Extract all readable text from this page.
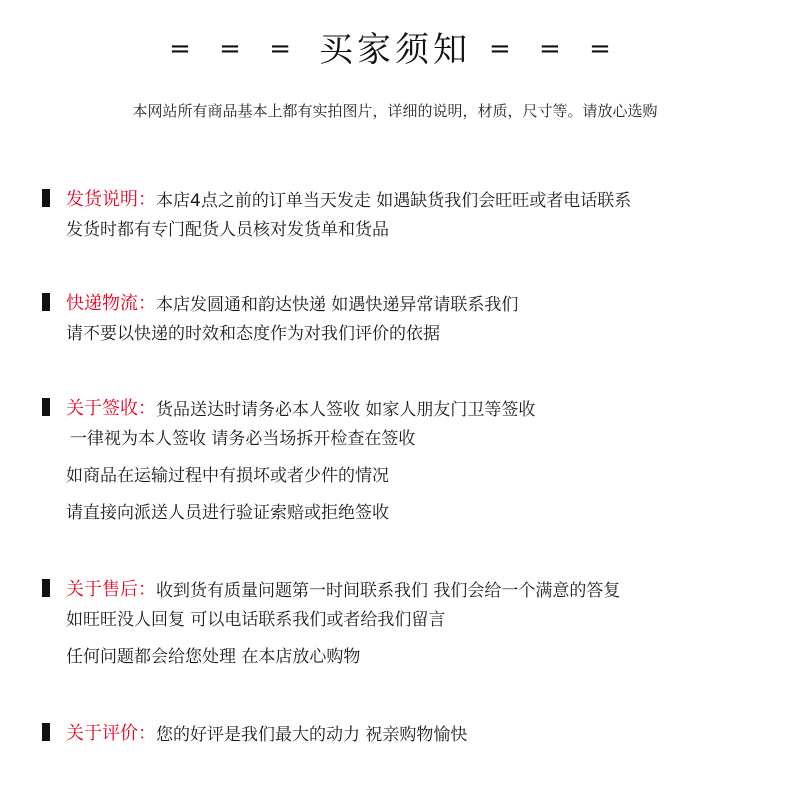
= = = 买家须知 = = =
本网站所有商品基本上都有实拍图片，详细的说明，材质，尺寸等。请放心选购
发货说明： 本店4点之前的订单当天发走 如遇缺货我们会旺旺或者电话联系
发货时都有专门配货人员核对发货单和货品
快递物流： 本店发圆通和韵达快递 如遇快递异常请联系我们
请不要以快递的时效和态度作为对我们评价的依据
关于签收： 货品送达时请务必本人签收 如家人朋友门卫等签收
一律视为本人签收 请务必当场拆开检查在签收
如商品在运输过程中有损坏或者少件的情况
请直接向派送人员进行验证索赔或拒绝签收
关于售后： 收到货有质量问题第一时间联系我们 我们会给一个满意的答复
如旺旺没人回复 可以电话联系我们或者给我们留言
任何问题都会给您处理 在本店放心购物
关于评价： 您的好评是我们最大的动力 祝亲购物愉快
